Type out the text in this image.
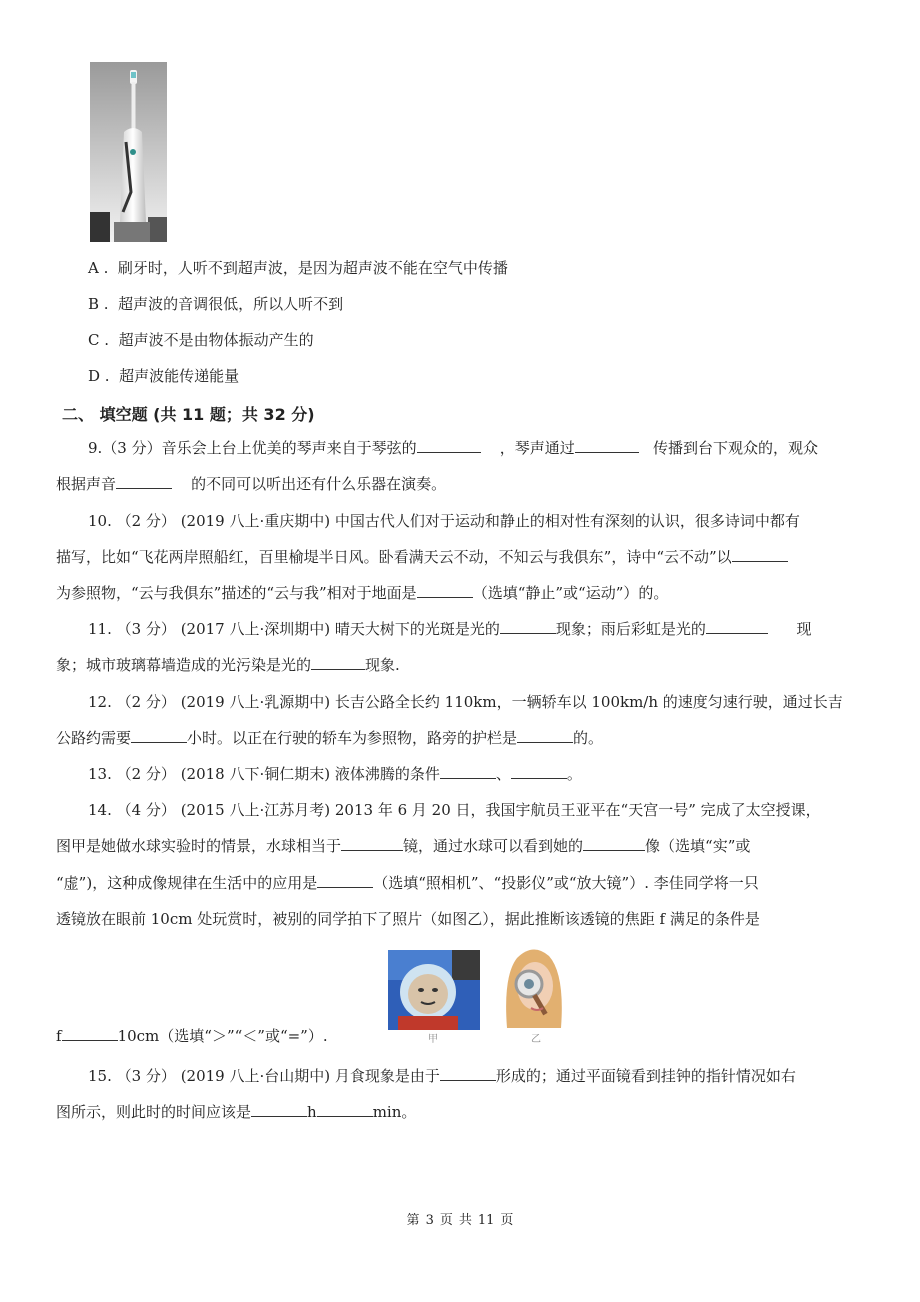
A . 刷牙时，人听不到超声波，是因为超声波不能在空气中传播
B . 超声波的音调很低，所以人听不到
C . 超声波不是由物体振动产生的
D . 超声波能传递能量
二、 填空题 (共 11 题；共 32 分)
9.（3 分）音乐会上台上优美的琴声来自于琴弦的	，琴声通过	传播到台下观众的，观众
根据声音	的不同可以听出还有什么乐器在演奏。
10. （2 分） (2019 八上·重庆期中) 中国古代人们对于运动和静止的相对性有深刻的认识，很多诗词中都有
描写，比如“飞花两岸照船红，百里榆堤半日风。卧看满天云不动，不知云与我俱东”，诗中“云不动”以
为参照物，“云与我俱东”描述的“云与我”相对于地面是	（选填“静止”或“运动”）的。
11. （3 分） (2017 八上·深圳期中) 晴天大树下的光斑是光的	现象；雨后彩虹是光的	现
象；城市玻璃幕墙造成的光污染是光的	现象.
12. （2 分） (2019 八上·乳源期中) 长吉公路全长约 110km，一辆轿车以 100km/h 的速度匀速行驶，通过长吉
公路约需要	小时。以正在行驶的轿车为参照物，路旁的护栏是	的。
13. （2 分） (2018 八下·铜仁期末) 液体沸腾的条件	、	。
14. （4 分） (2015 八上·江苏月考) 2013 年 6 月 20 日，我国宇航员王亚平在“天宫一号” 完成了太空授课，
图甲是她做水球实验时的情景，水球相当于	镜，通过水球可以看到她的	像（选填“实”或
“虚”)，这种成像规律在生活中的应用是	（选填“照相机”、“投影仪”或“放大镜”）. 李佳同学将一只
透镜放在眼前 10cm 处玩赏时，被别的同学拍下了照片（如图乙），据此推断该透镜的焦距 f 满足的条件是
甲	乙
f	10cm（选填“＞”“＜”或“=”）.
15. （3 分） (2019 八上·台山期中) 月食现象是由于	形成的；通过平面镜看到挂钟的指针情况如右
图所示，则此时的时间应该是	h	min。
第 3 页 共 11 页
